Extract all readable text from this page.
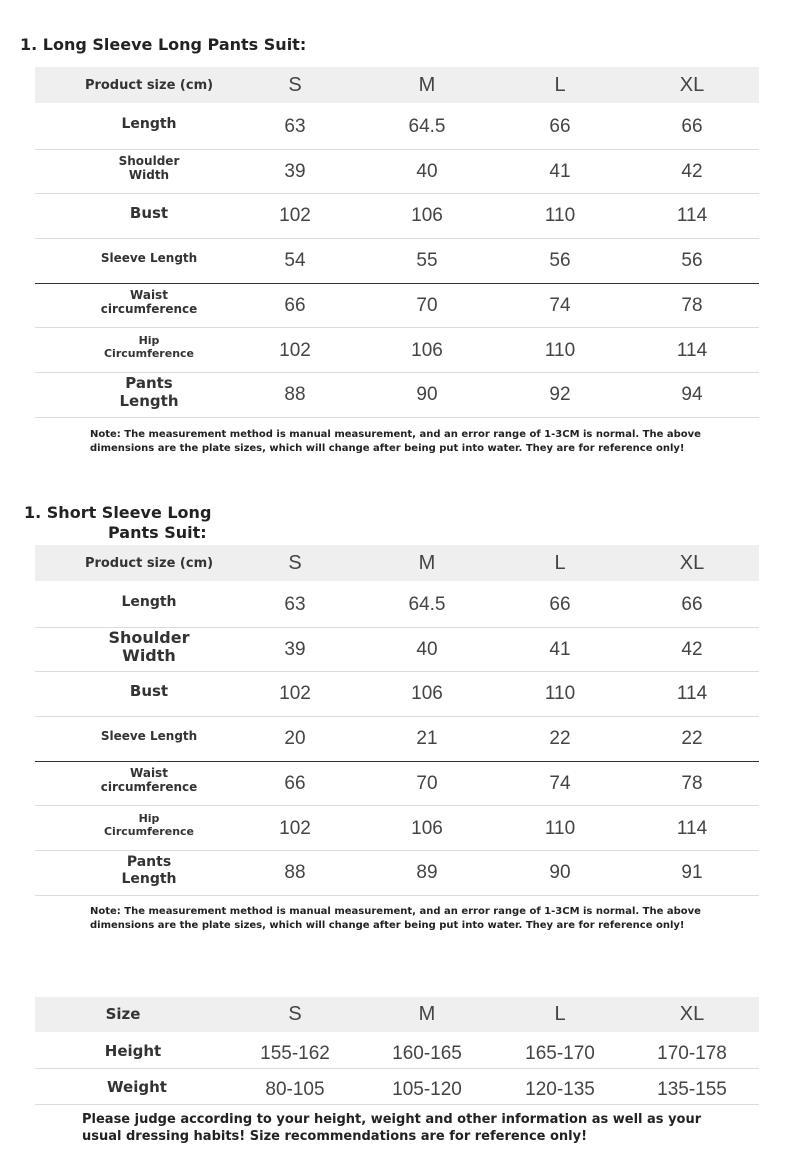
1. Long Sleeve Long Pants Suit:
Product size (cm)	S	M	L	XL
Length	63	64.5	66	66
Shoulder
Width	39	40	41	42
Bust	102	106	110	114
Sleeve Length	54	55	56	56
Waist
circumference	66	70	74	78
Hip
Circumference	102	106	110	114
Pants
Length	88	90	92	94
Note: The measurement method is manual measurement, and an error range of 1-3CM is normal. The above dimensions are the plate sizes, which will change after being put into water. They are for reference only!
1. Short Sleeve Long
Pants Suit:
Product size (cm)	S	M	L	XL
Length	63	64.5	66	66
Shoulder
Width	39	40	41	42
Bust	102	106	110	114
Sleeve Length	20	21	22	22
Waist
circumference	66	70	74	78
Hip
Circumference	102	106	110	114
Pants
Length	88	89	90	91
Note: The measurement method is manual measurement, and an error range of 1-3CM is normal. The above dimensions are the plate sizes, which will change after being put into water. They are for reference only!
Size	S	M	L	XL
Height	155-162	160-165	165-170	170-178
Weight	80-105	105-120	120-135	135-155
Please judge according to your height, weight and other information as well as your usual dressing habits! Size recommendations are for reference only!
